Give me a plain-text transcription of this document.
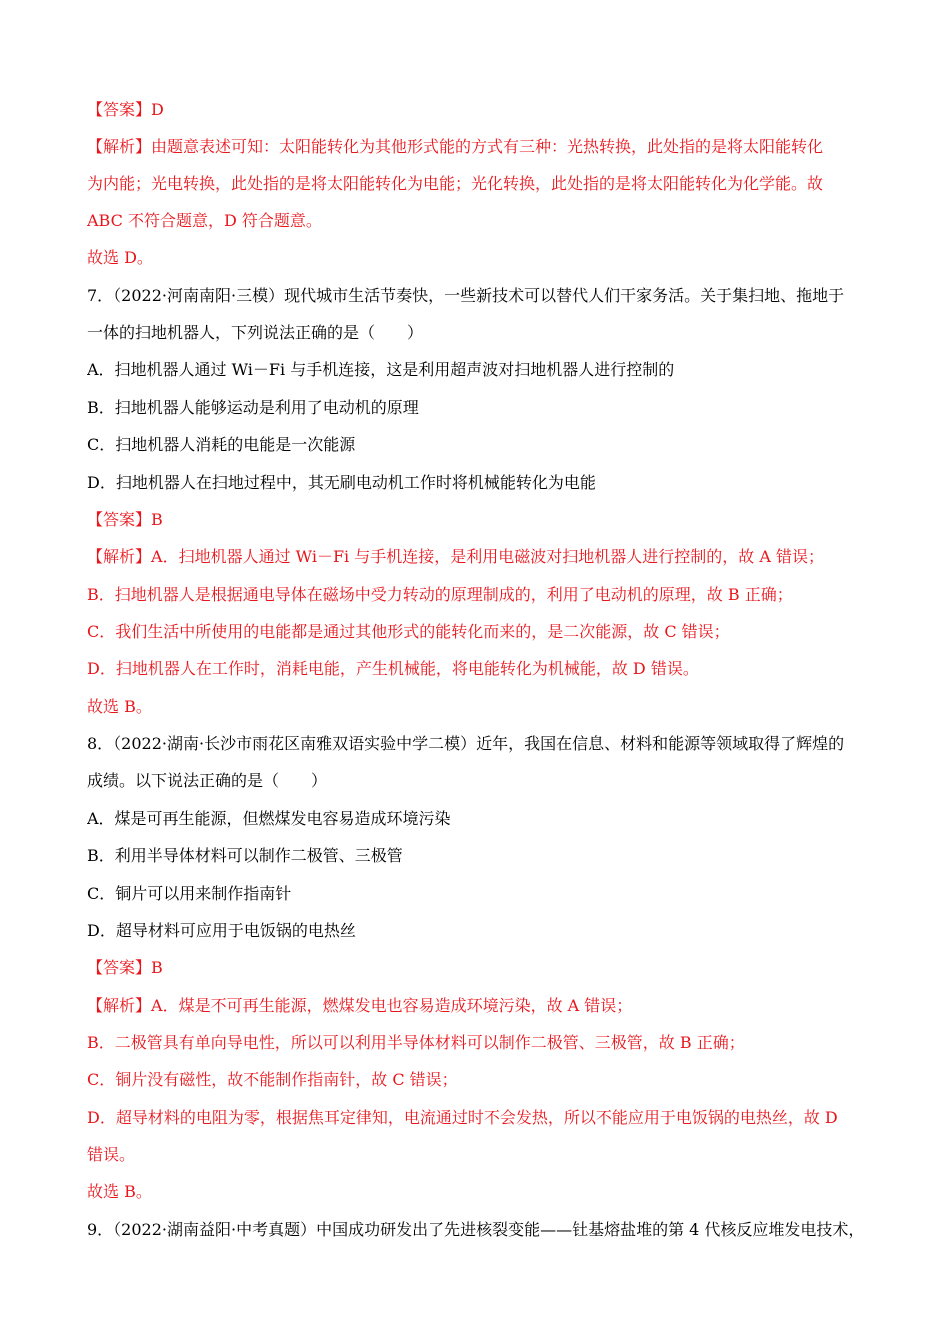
【答案】D
【解析】由题意表述可知：太阳能转化为其他形式能的方式有三种：光热转换，此处指的是将太阳能转化
为内能；光电转换，此处指的是将太阳能转化为电能；光化转换，此处指的是将太阳能转化为化学能。故
ABC 不符合题意，D 符合题意。
故选 D。
7．（2022·河南南阳·三模）现代城市生活节奏快，一些新技术可以替代人们干家务活。关于集扫地、拖地于
一体的扫地机器人，下列说法正确的是（　　）
A．扫地机器人通过 Wi－Fi 与手机连接，这是利用超声波对扫地机器人进行控制的
B．扫地机器人能够运动是利用了电动机的原理
C．扫地机器人消耗的电能是一次能源
D．扫地机器人在扫地过程中，其无刷电动机工作时将机械能转化为电能
【答案】B
【解析】A．扫地机器人通过 Wi－Fi 与手机连接，是利用电磁波对扫地机器人进行控制的，故 A 错误；
B．扫地机器人是根据通电导体在磁场中受力转动的原理制成的，利用了电动机的原理，故 B 正确；
C．我们生活中所使用的电能都是通过其他形式的能转化而来的，是二次能源，故 C 错误；
D．扫地机器人在工作时，消耗电能，产生机械能，将电能转化为机械能，故 D 错误。
故选 B。
8．（2022·湖南·长沙市雨花区南雅双语实验中学二模）近年，我国在信息、材料和能源等领域取得了辉煌的
成绩。以下说法正确的是（　　）
A．煤是可再生能源，但燃煤发电容易造成环境污染
B．利用半导体材料可以制作二极管、三极管
C．铜片可以用来制作指南针
D．超导材料可应用于电饭锅的电热丝
【答案】B
【解析】A．煤是不可再生能源，燃煤发电也容易造成环境污染，故 A 错误；
B．二极管具有单向导电性，所以可以利用半导体材料可以制作二极管、三极管，故 B 正确；
C．铜片没有磁性，故不能制作指南针，故 C 错误；
D．超导材料的电阻为零，根据焦耳定律知，电流通过时不会发热，所以不能应用于电饭锅的电热丝，故 D
错误。
故选 B。
9．（2022·湖南益阳·中考真题）中国成功研发出了先进核裂变能——钍基熔盐堆的第 4 代核反应堆发电技术，
